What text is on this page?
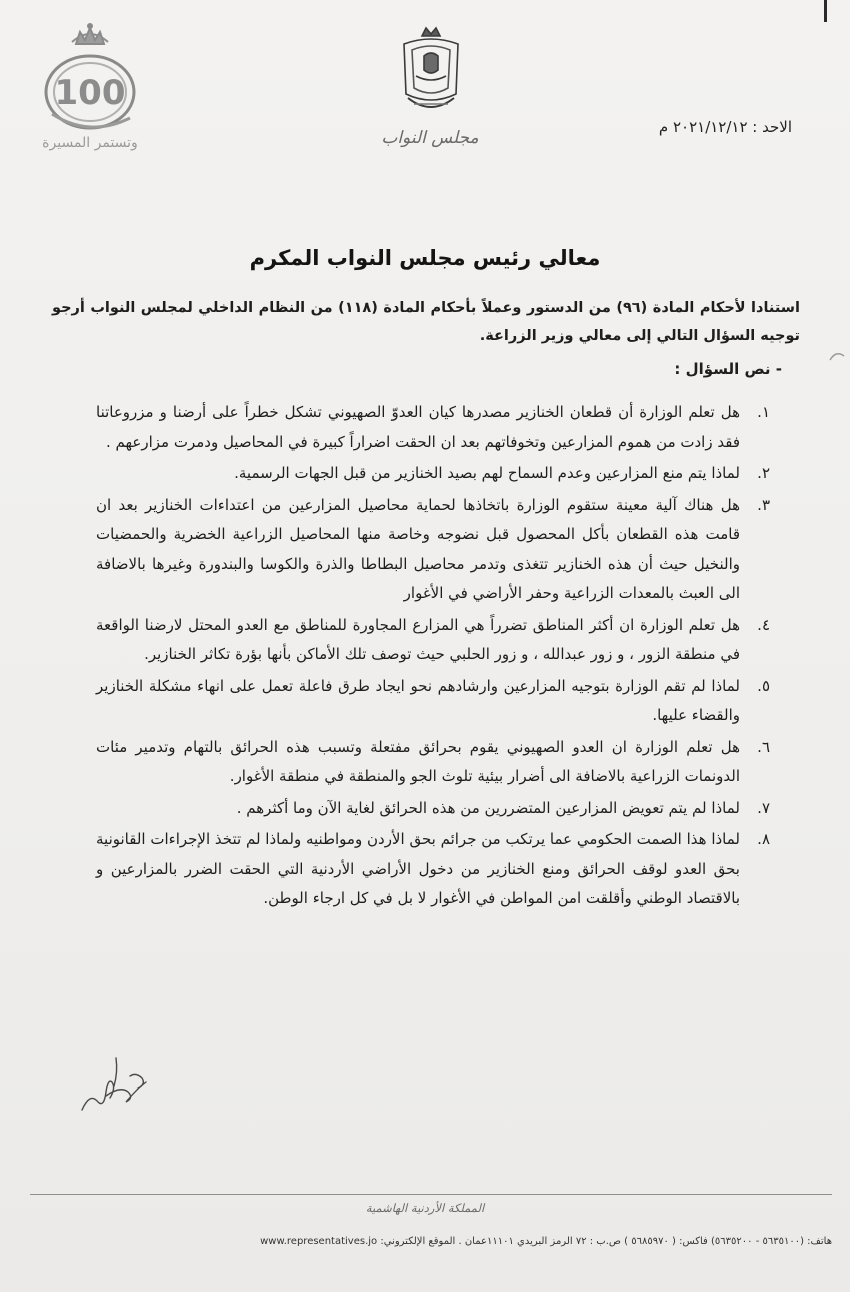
100
وتستمر المسيرة	مجلس النواب
الاحد : ٢٠٢١/١٢/١٢ م
معالي رئيس مجلس النواب المكرم
استنادا لأحكام المادة (٩٦) من الدستور وعملاً بأحكام المادة (١١٨) من النظام الداخلي لمجلس النواب أرجو توجيه السؤال التالي إلى معالي وزير الزراعة.
- نص السؤال :
١.
هل تعلم الوزارة أن قطعان الخنازير مصدرها كيان العدوّ الصهيوني تشكل خطراً على أرضنا و مزروعاتنا فقد زادت من هموم المزارعين وتخوفاتهم بعد ان الحقت اضراراً كبيرة في المحاصيل ودمرت مزارعهم .
٢.
لماذا يتم منع المزارعين وعدم السماح لهم بصيد الخنازير من قبل الجهات الرسمية.
٣.
هل هناك آلية معينة ستقوم الوزارة باتخاذها لحماية محاصيل المزارعين من اعتداءات الخنازير بعد ان قامت هذه القطعان بأكل المحصول قبل نضوجه وخاصة منها المحاصيل الزراعية الخضرية والحمضيات والنخيل حيث أن هذه الخنازير تتغذى وتدمر محاصيل البطاطا والذرة والكوسا والبندورة وغيرها بالاضافة الى العبث بالمعدات الزراعية وحفر الأراضي في الأغوار
٤.
هل تعلم الوزارة ان أكثر المناطق تضرراً هي المزارع المجاورة للمناطق مع العدو المحتل لارضنا الواقعة في منطقة الزور ، و زور عبدالله ، و زور الحلبي حيث توصف تلك الأماكن بأنها بؤرة تكاثر الخنازير.
٥.
لماذا لم تقم الوزارة بتوجيه المزارعين وارشادهم نحو ايجاد طرق فاعلة تعمل على انهاء مشكلة الخنازير والقضاء عليها.
٦.
هل تعلم الوزارة ان العدو الصهيوني يقوم بحرائق مفتعلة وتسبب هذه الحرائق بالتهام وتدمير مئات الدونمات الزراعية بالاضافة الى أضرار بيئية تلوث الجو والمنطقة في منطقة الأغوار.
٧.
لماذا لم يتم تعويض المزارعين المتضررين من هذه الحرائق لغاية الآن وما أكثرهم .
٨.
لماذا هذا الصمت الحكومي عما يرتكب من جرائم بحق الأردن ومواطنيه ولماذا لم تتخذ الإجراءات القانونية بحق العدو لوقف الحرائق ومنع الخنازير من دخول الأراضي الأردنية التي الحقت الضرر بالمزارعين و بالاقتصاد الوطني وأقلقت امن المواطن في الأغوار لا بل في كل ارجاء الوطن.
المملكة الأردنية الهاشمية
هاتف: (٥٦٣٥١٠٠ - ٥٦٣٥٢٠٠) فاكس: ( ٥٦٨٥٩٧٠ ) ص.ب : ٧٢ الرمز البريدي ١١١٠١عمان . الموقع الإلكتروني: www.representatives.jo
